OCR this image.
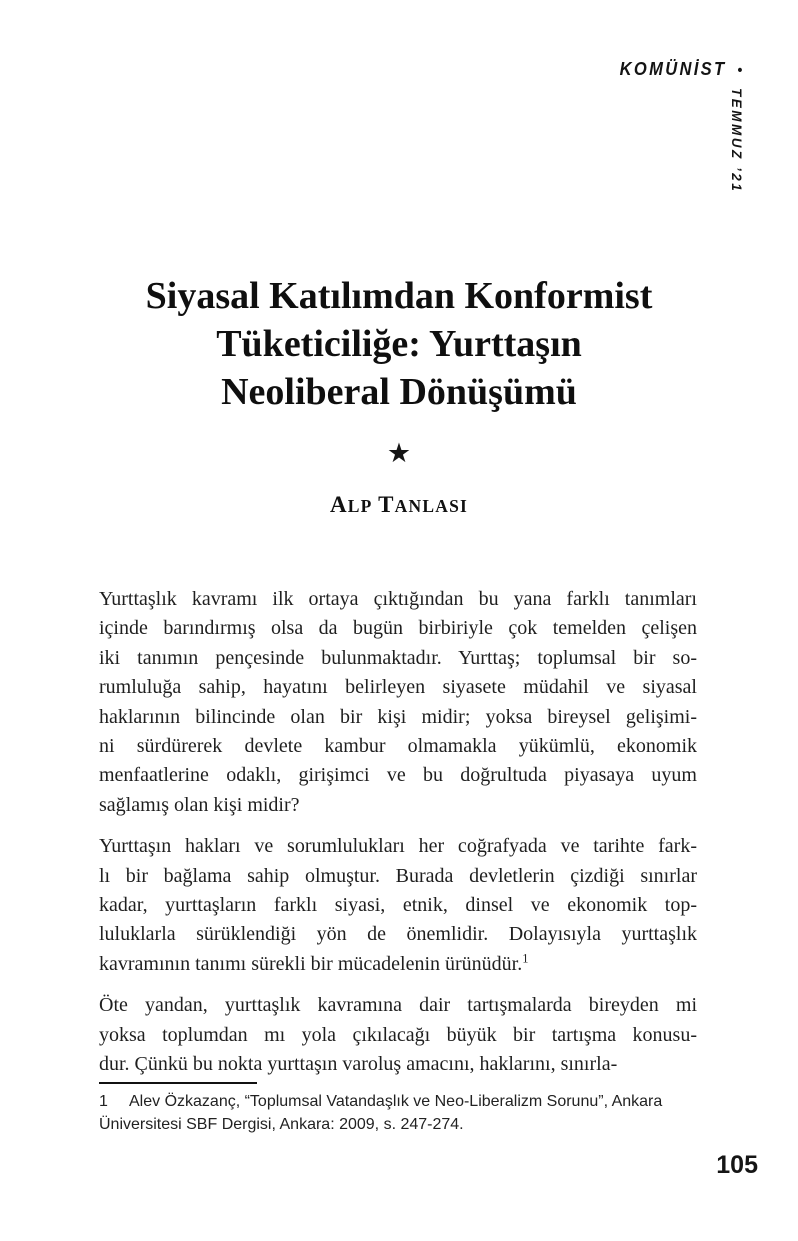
KOMÜNİST •
TEMMUZ ’21
Siyasal Katılımdan Konformist
Tüketiciliğe: Yurttaşın
Neoliberal Dönüşümü
★
ALP TANLASI
Yurttaşlık kavramı ilk ortaya çıktığından bu yana farklı tanımları
içinde barındırmış olsa da bugün birbiriyle çok temelden çelişen
iki tanımın pençesinde bulunmaktadır. Yurttaş; toplumsal bir so-
rumluluğa sahip, hayatını belirleyen siyasete müdahil ve siyasal
haklarının bilincinde olan bir kişi midir; yoksa bireysel gelişimi-
ni sürdürerek devlete kambur olmamakla yükümlü, ekonomik
menfaatlerine odaklı, girişimci ve bu doğrultuda piyasaya uyum
sağlamış olan kişi midir?
Yurttaşın hakları ve sorumlulukları her coğrafyada ve tarihte fark-
lı bir bağlama sahip olmuştur. Burada devletlerin çizdiği sınırlar
kadar, yurttaşların farklı siyasi, etnik, dinsel ve ekonomik top-
luluklarla sürüklendiği yön de önemlidir. Dolayısıyla yurttaşlık
kavramının tanımı sürekli bir mücadelenin ürünüdür.$^1$
Öte yandan, yurttaşlık kavramına dair tartışmalarda bireyden mi
yoksa toplumdan mı yola çıkılacağı büyük bir tartışma konusu-
dur. Çünkü bu nokta yurttaşın varoluş amacını, haklarını, sınırla-
1 Alev Özkazanç, “Toplumsal Vatandaşlık ve Neo-Liberalizm Sorunu”, Ankara Üniversitesi SBF Dergisi, Ankara: 2009, s. 247-274.
105
